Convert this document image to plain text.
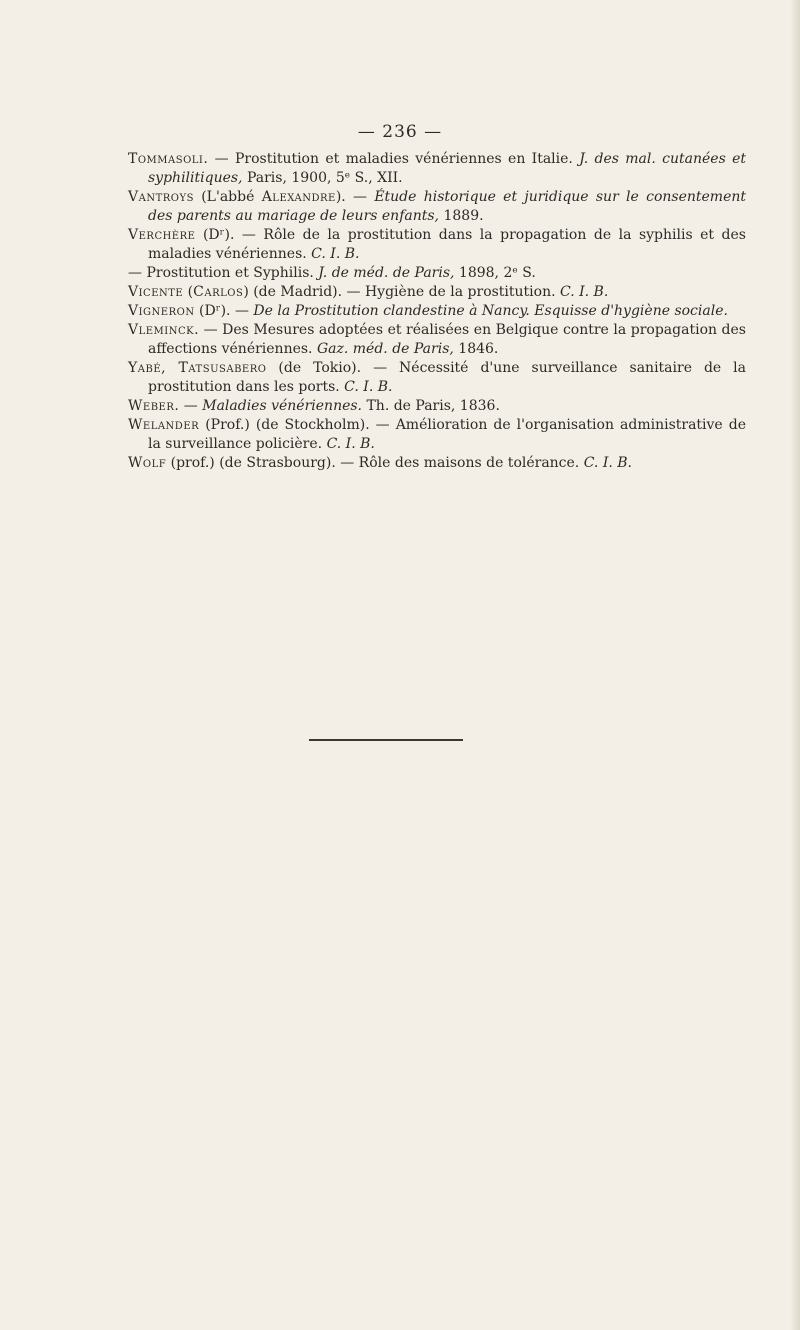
— 236 —

Tommasoli. — Prostitution et maladies vénériennes en Italie. J. des mal. cutanées et syphilitiques, Paris, 1900, 5ᵉ S., XII.

Vantroys (L'abbé Alexandre). — Étude historique et juridique sur le consentement des parents au mariage de leurs enfants, 1889.

Verchère (Dʳ). — Rôle de la prostitution dans la propagation de la syphilis et des maladies vénériennes. C. I. B.

— Prostitution et Syphilis. J. de méd. de Paris, 1898, 2ᵉ S.

Vicente (Carlos) (de Madrid). — Hygiène de la prostitution. C. I. B.

Vigneron (Dʳ). — De la Prostitution clandestine à Nancy. Esquisse d'hygiène sociale.

Vleminck. — Des Mesures adoptées et réalisées en Belgique contre la propagation des affections vénériennes. Gaz. méd. de Paris, 1846.

Yabé, Tatsusabero (de Tokio). — Nécessité d'une surveillance sanitaire de la prostitution dans les ports. C. I. B.

Weber. — Maladies vénériennes. Th. de Paris, 1836.

Welander (Prof.) (de Stockholm). — Amélioration de l'organisation administrative de la surveillance policière. C. I. B.

Wolf (prof.) (de Strasbourg). — Rôle des maisons de tolérance. C. I. B.
